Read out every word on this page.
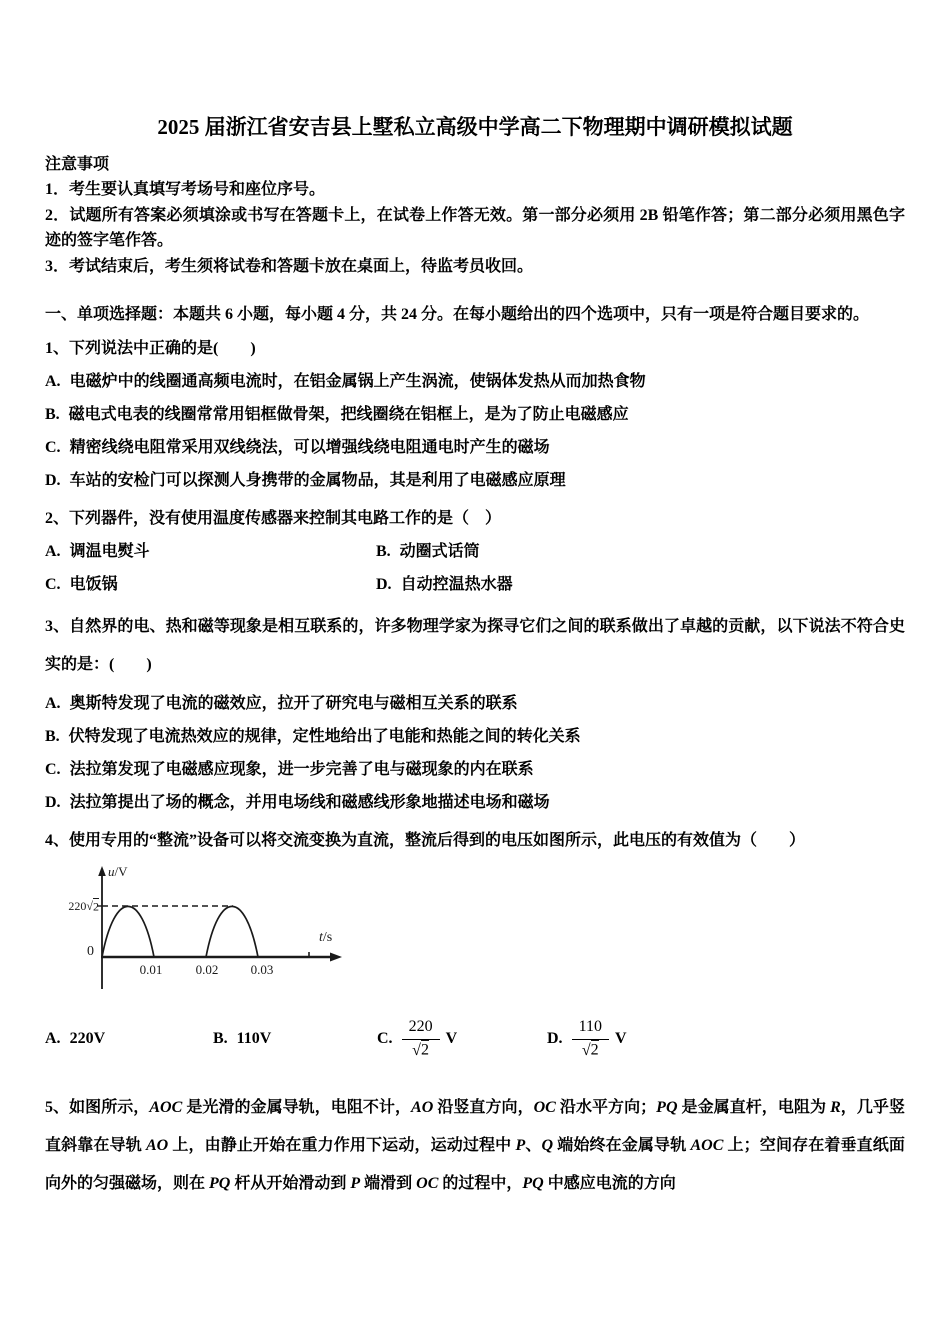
2025 届浙江省安吉县上墅私立高级中学高二下物理期中调研模拟试题
注意事项

1．考生要认真填写考场号和座位序号。

2．试题所有答案必须填涂或书写在答题卡上，在试卷上作答无效。第一部分必须用 2B 铅笔作答；第二部分必须用黑色字迹的签字笔作答。

3．考试结束后，考生须将试卷和答题卡放在桌面上，待监考员收回。

一、单项选择题：本题共 6 小题，每小题 4 分，共 24 分。在每小题给出的四个选项中，只有一项是符合题目要求的。

1、下列说法中正确的是(　　)

A. 电磁炉中的线圈通高频电流时，在铝金属锅上产生涡流，使锅体发热从而加热食物
B. 磁电式电表的线圈常常用铝框做骨架，把线圈绕在铝框上，是为了防止电磁感应
C. 精密线绕电阻常采用双线绕法，可以增强线绕电阻通电时产生的磁场
D. 车站的安检门可以探测人身携带的金属物品，其是利用了电磁感应原理

2、下列器件，没有使用温度传感器来控制其电路工作的是（　）

A. 调温电熨斗	B. 动圈式话筒
C. 电饭锅	D. 自动控温热水器

3、自然界的电、热和磁等现象是相互联系的，许多物理学家为探寻它们之间的联系做出了卓越的贡献，以下说法不符合史实的是：(　　)

A. 奥斯特发现了电流的磁效应，拉开了研究电与磁相互关系的联系
B. 伏特发现了电流热效应的规律，定性地给出了电能和热能之间的转化关系
C. 法拉第发现了电磁感应现象，进一步完善了电与磁现象的内在联系
D. 法拉第提出了场的概念，并用电场线和磁感线形象地描述电场和磁场

4、使用专用的“整流”设备可以将交流变换为直流，整流后得到的电压如图所示，此电压的有效值为（　　）

u/V
220√2
0
0.01	0.02	0.03
t/s
A. 220V	B. 110V	C. $\frac{220}{√2}$ V	D. $\frac{110}{√2}$ V

5、如图所示，AOC 是光滑的金属导轨，电阻不计，AO 沿竖直方向，OC 沿水平方向；PQ 是金属直杆，电阻为 R，几乎竖直斜靠在导轨 AO 上，由静止开始在重力作用下运动，运动过程中 P、Q 端始终在金属导轨 AOC 上；空间存在着垂直纸面向外的匀强磁场，则在 PQ 杆从开始滑动到 P 端滑到 OC 的过程中，PQ 中感应电流的方向
